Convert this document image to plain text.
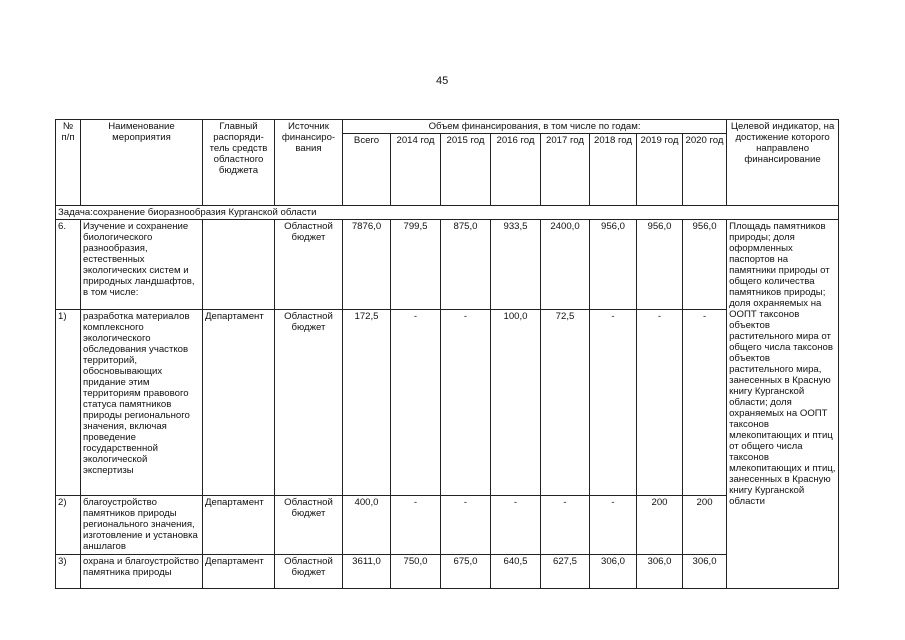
45
№ п/п	Наименование мероприятия	Главный распоряди-тель средств областного бюджета	Источник финансиро-вания	Объем финансирования, в том числе по годам:								Целевой индикатор, на достижение которого направлено финансирование
				Всего	2014 год	2015 год	2016 год	2017 год	2018 год	2019 год	2020 год	
Задача:сохранение биоразнообразия Курганской области												
6.	Изучение и сохранение биологического разнообразия, естественных экологических систем и природных ландшафтов, в том числе:		Областной бюджет	7876,0	799,5	875,0	933,5	2400,0	956,0	956,0	956,0	Площадь памятников природы; доля оформленных паспортов на памятники природы от общего количества памятников природы; доля охраняемых на ООПТ таксонов объектов растительного мира от общего числа таксонов объектов растительного мира, занесенных в Красную книгу Курганской области; доля охраняемых на ООПТ таксонов млекопитающих и птиц от общего числа таксонов млекопитающих и птиц, занесенных в Красную книгу Курганской области
1)	разработка материалов комплексного экологического обследования участков территорий, обосновывающих придание этим территориям правового статуса памятников природы регионального значения, включая проведение государственной экологической экспертизы	Департамент	Областной бюджет	172,5	-	-	100,0	72,5	-	-	-	
2)	благоустройство памятников природы регионального значения, изготовление и установка аншлагов	Департамент	Областной бюджет	400,0	-	-	-	-	-	200	200	
3)	охрана и благоустройство памятника природы	Департамент	Областной бюджет	3611,0	750,0	675,0	640,5	627,5	306,0	306,0	306,0	
